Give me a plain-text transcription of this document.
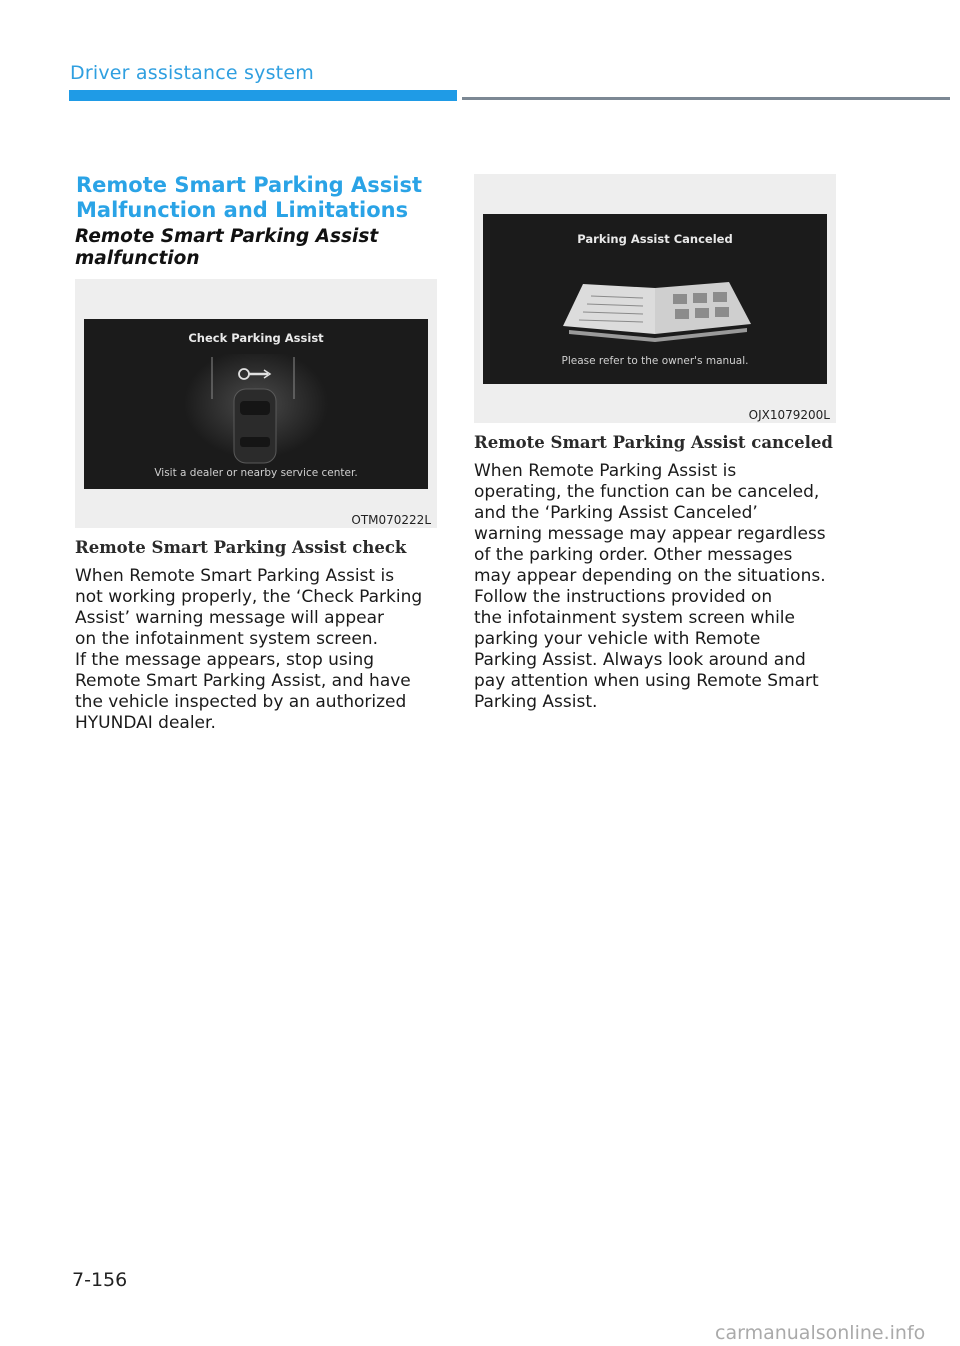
Driver assistance system
Remote Smart Parking Assist Malfunction and Limitations
Remote Smart Parking Assist malfunction
Check Parking Assist
Visit a dealer or nearby service center.
OTM070222L
Remote Smart Parking Assist check
When Remote Smart Parking Assist is
not working properly, the ‘Check Parking
Assist’ warning message will appear
on the infotainment system screen.
If the message appears, stop using
Remote Smart Parking Assist, and have
the vehicle inspected by an authorized
HYUNDAI dealer.
Parking Assist Canceled
Please refer to the owner's manual.
OJX1079200L
Remote Smart Parking Assist canceled
When Remote Parking Assist is
operating, the function can be canceled,
and the ‘Parking Assist Canceled’
warning message may appear regardless
of the parking order. Other messages
may appear depending on the situations.
Follow the instructions provided on
the infotainment system screen while
parking your vehicle with Remote
Parking Assist. Always look around and
pay attention when using Remote Smart
Parking Assist.
7-156
carmanualsonline.info
